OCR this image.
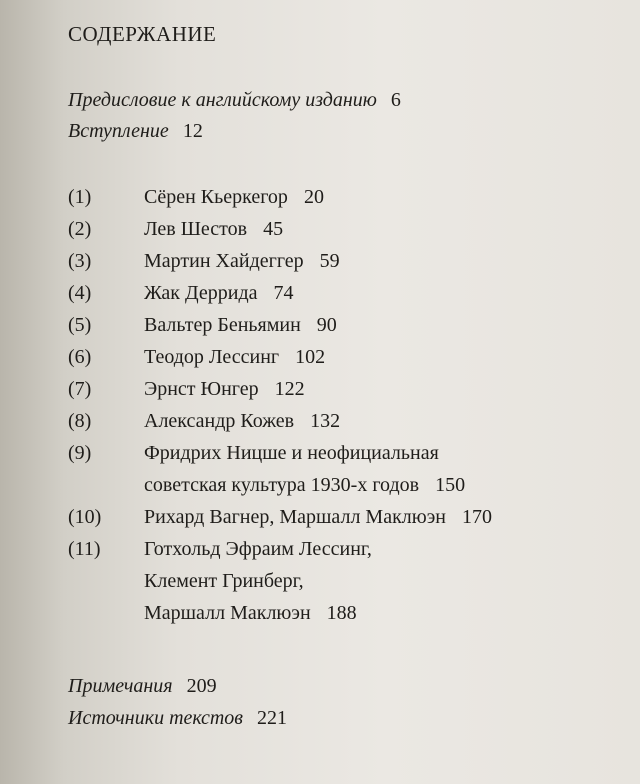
СОДЕРЖАНИЕ
Предисловие к английскому изданию 6
Вступление 12
(1)	Сёрен Кьеркегор 20
(2)	Лев Шестов 45
(3)	Мартин Хайдеггер 59
(4)	Жак Деррида 74
(5)	Вальтер Беньямин 90
(6)	Теодор Лессинг 102
(7)	Эрнст Юнгер 122
(8)	Александр Кожев 132
(9)	Фридрих Ницше и неофициальная
советская культура 1930-х годов 150
(10) Рихард Вагнер, Маршалл Маклюэн 170
(11) Готхольд Эфраим Лессинг,
Клемент Гринберг,
Маршалл Маклюэн 188
Примечания 209
Источники текстов 221
